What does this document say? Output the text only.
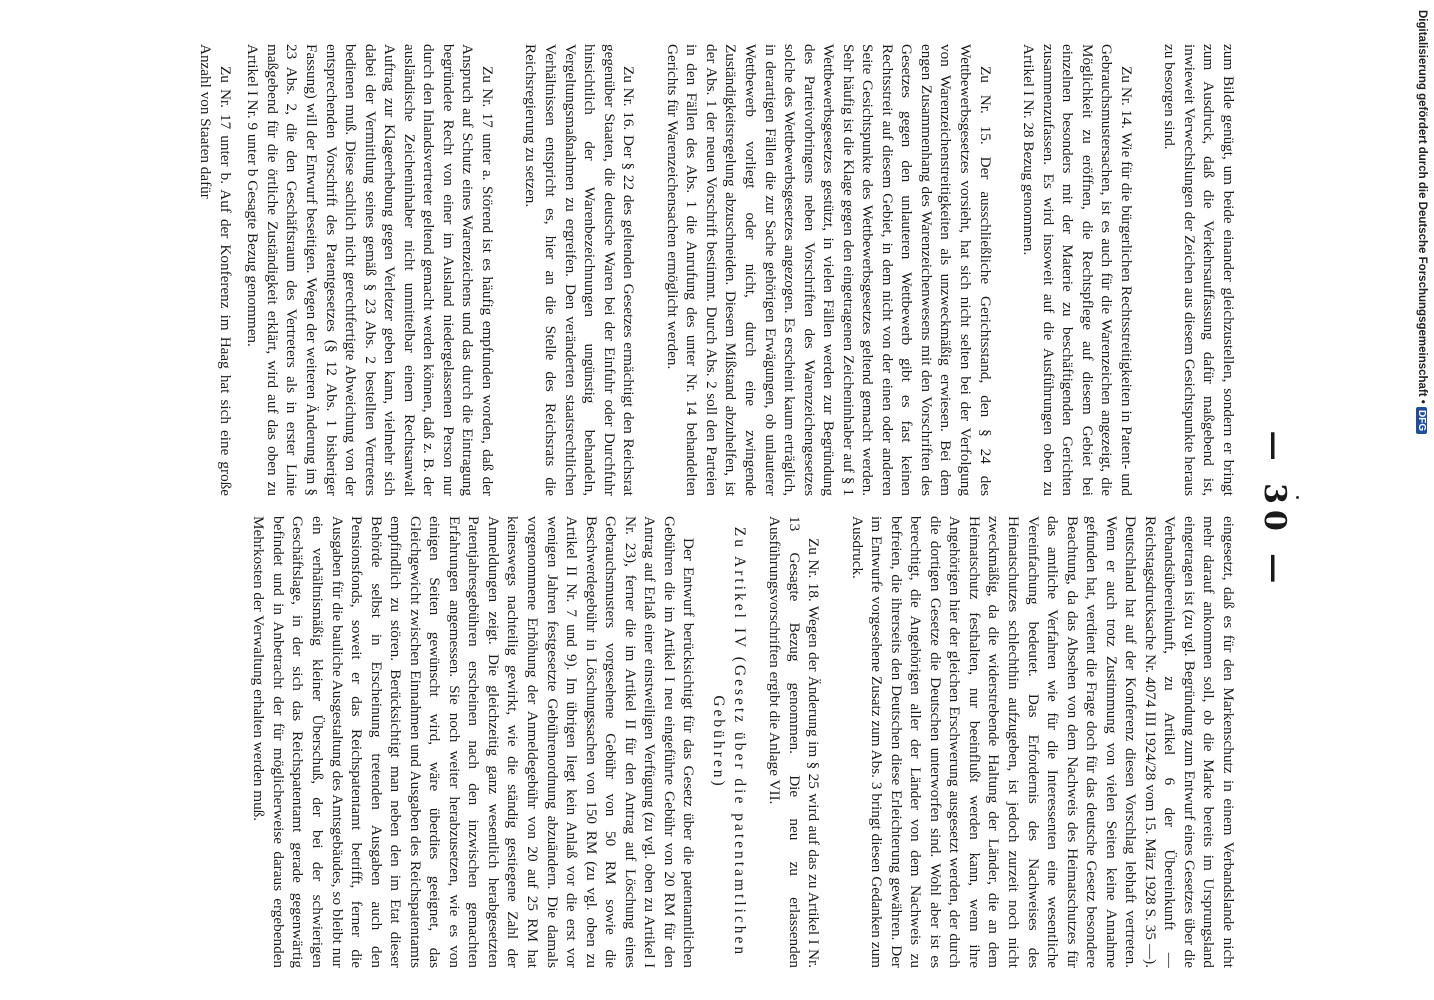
— 30 —

zum Bilde genügt, um beide einander gleichzustellen, sondern er bringt zum Ausdruck, daß die Verkehrsauffassung dafür maßgebend ist, inwieweit Verwechslungen der Zeichen aus diesem Gesichtspunkte heraus zu besorgen sind.

Zu Nr. 14. Wie für die bürgerlichen Rechtsstreitigkeiten in Patent- und Gebrauchsmustersachen, ist es auch für die Warenzeichen angezeigt, die Möglichkeit zu eröffnen, die Rechtspflege auf diesem Gebiet bei einzelnen besonders mit der Materie zu beschäftigenden Gerichten zusammenzufassen. Es wird insoweit auf die Ausführungen oben zu Artikel I Nr. 28 Bezug genommen.

Zu Nr. 15. Der ausschließliche Gerichtsstand, den § 24 des Wettbewerbsgesetzes vorsieht, hat sich nicht selten bei der Verfolgung von Warenzeichenstreitigkeiten als unzweckmäßig erwiesen. Bei dem engen Zusammenhang des Warenzeichenwesens mit den Vorschriften des Gesetzes gegen den unlauteren Wettbewerb gibt es fast keinen Rechtsstreit auf diesem Gebiet, in dem nicht von der einen oder anderen Seite Gesichtspunkte des Wettbewerbsgesetzes geltend gemacht werden. Sehr häufig ist die Klage gegen den eingetragenen Zeicheninhaber auf § 1 Wettbewerbsgesetzes gestützt, in vielen Fällen werden zur Begründung des Parteivorbringens neben Vorschriften des Warenzeichengesetzes solche des Wettbewerbsgesetzes angezogen. Es erscheint kaum erträglich, in derartigen Fällen die zur Sache gehörigen Erwägungen, ob unlauterer Wettbewerb vorliegt oder nicht, durch eine zwingende Zuständigkeitsregelung abzuschneiden. Diesem Mißstand abzuhelfen, ist der Abs. 1 der neuen Vorschrift bestimmt. Durch Abs. 2 soll den Parteien in den Fällen des Abs. 1 die Anrufung des unter Nr. 14 behandelten Gerichts für Warenzeichensachen ermöglicht werden.

Zu Nr. 16. Der § 22 des geltenden Gesetzes ermächtigt den Reichsrat gegenüber Staaten, die deutsche Waren bei der Einfuhr oder Durchfuhr hinsichtlich der Warenbezeichnungen ungünstig behandeln, Vergeltungsmaßnahmen zu ergreifen. Den veränderten staatsrechtlichen Verhältnissen entspricht es, hier an die Stelle des Reichsrats die Reichsregierung zu setzen.

Zu Nr. 17 unter a. Störend ist es häufig empfunden worden, daß der Anspruch auf Schutz eines Warenzeichens und das durch die Eintragung begründete Recht von einer im Ausland niedergelassenen Person nur durch den Inlandsvertreter geltend gemacht werden können, daß z. B. der ausländische Zeicheninhaber nicht unmittelbar einem Rechtsanwalt Auftrag zur Klageerhebung gegen Verletzer geben kann, vielmehr sich dabei der Vermittlung seines gemäß § 23 Abs. 2 bestellten Vertreters bedienen muß. Diese sachlich nicht gerechtfertigte Abweichung von der entsprechenden Vorschrift des Patentgesetzes (§ 12 Abs. 1 bisheriger Fassung) will der Entwurf beseitigen. Wegen der weiteren Änderung im § 23 Abs. 2, die den Geschäftsraum des Vertreters als in erster Linie maßgebend für die örtliche Zuständigkeit erklärt, wird auf das oben zu Artikel I Nr. 9 unter b Gesagte Bezug genommen.

Zu Nr. 17 unter b. Auf der Konferenz im Haag hat sich eine große Anzahl von Staaten dafür

eingesetzt, daß es für den Markenschutz in einem Verbandslande nicht mehr darauf ankommen soll, ob die Marke bereits im Ursprungsland eingetragen ist (zu vgl. Begründung zum Entwurf eines Gesetzes über die Verbandsübereinkunft, zu Artikel 6 der Übereinkunft — Reichstagsdrucksache Nr. 4074 III 1924/28 vom 15. März 1928 S. 35 —). Deutschland hat auf der Konferenz diesen Vorschlag lebhaft vertreten. Wenn er auch trotz Zustimmung von vielen Seiten keine Annahme gefunden hat, verdient die Frage doch für das deutsche Gesetz besondere Beachtung, da das Absehen von dem Nachweis des Heimatschutzes für das amtliche Verfahren wie für die Interessenten eine wesentliche Vereinfachung bedeutet. Das Erfordernis des Nachweises des Heimatschutzes schlechthin aufzugeben, ist jedoch zurzeit noch nicht zweckmäßig, da die widerstrebende Haltung der Länder, die an dem Heimatschutz festhalten, nur beeinflußt werden kann, wenn ihre Angehörigen hier der gleichen Erschwerung ausgesetzt werden, der durch die dortigen Gesetze die Deutschen unterworfen sind. Wohl aber ist es berechtigt, die Angehörigen aller der Länder von dem Nachweis zu befreien, die ihrerseits den Deutschen diese Erleichterung gewähren. Der im Entwurfe vorgesehene Zusatz zum Abs. 3 bringt diesen Gedanken zum Ausdruck.

Zu Nr. 18. Wegen der Änderung im § 25 wird auf das zu Artikel I Nr. 13 Gesagte Bezug genommen. Die neu zu erlassenden Ausführungsvorschriften ergibt die Anlage VII.

Zu Artikel IV (Gesetz über die patentamtlichen
Gebühren)

Der Entwurf berücksichtigt für das Gesetz über die patentamtlichen Gebühren die im Artikel I neu eingeführte Gebühr von 20 RM für den Antrag auf Erlaß einer einstweiligen Verfügung (zu vgl. oben zu Artikel I Nr. 23), ferner die im Artikel II für den Antrag auf Löschung eines Gebrauchsmusters vorgesehene Gebühr von 50 RM sowie die Beschwerdegebühr in Löschungssachen von 150 RM (zu vgl. oben zu Artikel II Nr. 7 und 9). Im übrigen liegt kein Anlaß vor die erst vor wenigen Jahren festgesetzte Gebührenordnung abzuändern. Die damals vorgenommene Erhöhung der Anmeldegebühr von 20 auf 25 RM hat keineswegs nachteilig gewirkt, wie die ständig gestiegene Zahl der Anmeldungen zeigt. Die gleichzeitig ganz wesentlich herabgesetzten Patentjahresgebühren erscheinen nach den inzwischen gemachten Erfahrungen angemessen. Sie noch weiter herabzusetzen, wie es von einigen Seiten gewünscht wird, wäre überdies geeignet, das Gleichgewicht zwischen Einnahmen und Ausgaben des Reichspatentamts empfindlich zu stören. Berücksichtigt man neben den im Etat dieser Behörde selbst in Erscheinung tretenden Ausgaben auch den Pensionsfonds, soweit er das Reichspatentamt betrifft, ferner die Ausgaben für die bauliche Ausgestaltung des Amtsgebäudes, so bleibt nur ein verhältnismäßig kleiner Überschuß, der bei der schwierigen Geschäftslage, in der sich das Reichspatentamt gerade gegenwärtig befindet und in Anbetracht der für möglicherweise daraus ergebenden Mehrkosten der Verwaltung erhalten werden muß.

Digitalisierung gefördert durch die Deutsche Forschungsgemeinschaft • DFG
